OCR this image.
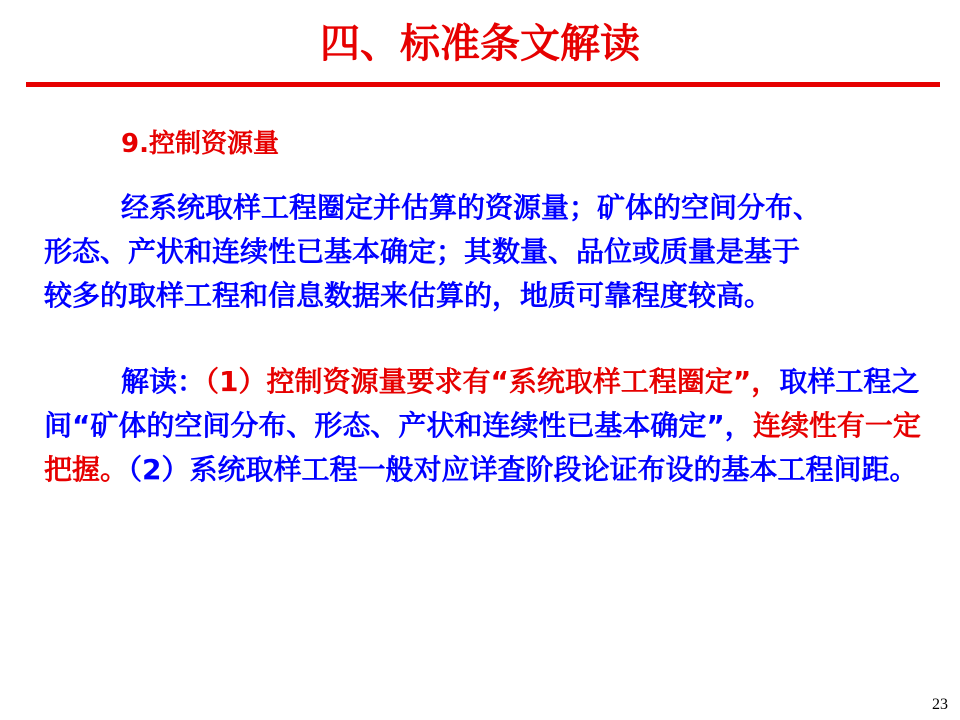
四、标准条文解读
9.控制资源量

经系统取样工程圈定并估算的资源量；矿体的空间分布、
形态、产状和连续性已基本确定；其数量、品位或质量是基于
较多的取样工程和信息数据来估算的，地质可靠程度较高。

解读：（1）控制资源量要求有“系统取样工程圈定”，取样工程之间“矿体的空间分布、形态、产状和连续性已基本确定”，连续性有一定把握。（2）系统取样工程一般对应详查阶段论证布设的基本工程间距。

23
